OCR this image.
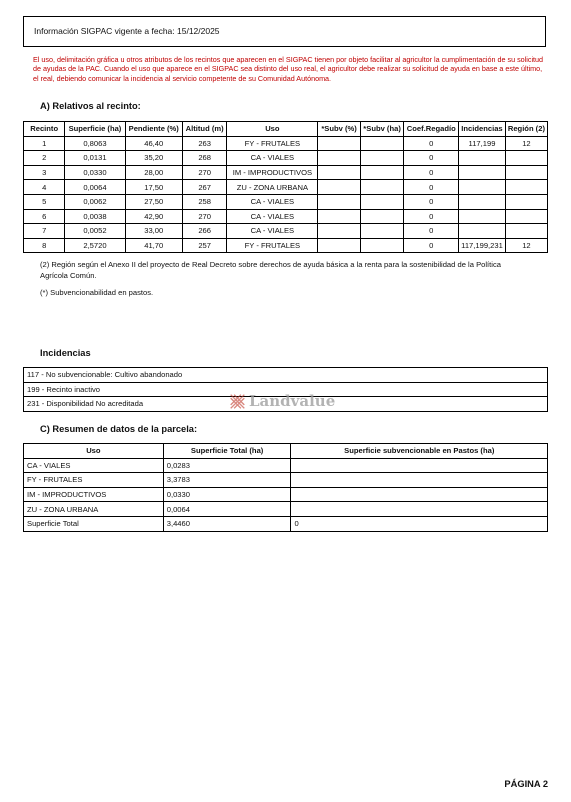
Información SIGPAC vigente a fecha: 15/12/2025
El uso, delimitación gráfica u otros atributos de los recintos que aparecen en el SIGPAC tienen por objeto facilitar al agricultor la cumplimentación de su solicitud de ayudas de la PAC. Cuando el uso que aparece en el SIGPAC sea distinto del uso real, el agricultor debe realizar su solicitud de ayuda en base a este último, el real, debiendo comunicar la incidencia al servicio competente de su Comunidad Autónoma.
A) Relativos al recinto:
Recinto	Superficie (ha)	Pendiente (%)	Altitud (m)	Uso	*Subv (%)	*Subv (ha)	Coef.Regadío	Incidencias	Región (2)
1	0,8063	46,40	263	FY - FRUTALES			0	117,199	12
2	0,0131	35,20	268	CA - VIALES			0		
3	0,0330	28,00	270	IM - IMPRODUCTIVOS			0		
4	0,0064	17,50	267	ZU - ZONA URBANA			0		
5	0,0062	27,50	258	CA - VIALES			0		
6	0,0038	42,90	270	CA - VIALES			0		
7	0,0052	33,00	266	CA - VIALES			0		
8	2,5720	41,70	257	FY - FRUTALES			0	117,199,231	12
(2) Región según el Anexo II del proyecto de Real Decreto sobre derechos de ayuda básica a la renta para la sostenibilidad de la Política Agrícola Común.
(*) Subvencionabilidad en pastos.
Incidencias
117 - No subvencionable: Cultivo abandonado
199 - Recinto inactivo
231 - Disponibilidad No acreditada	Landvalue
C) Resumen de datos de la parcela:
Uso	Superficie Total (ha)	Superficie subvencionable en Pastos (ha)
CA - VIALES	0,0283	
FY - FRUTALES	3,3783	
IM - IMPRODUCTIVOS	0,0330	
ZU - ZONA URBANA	0,0064	
Superficie Total	3,4460	0
PÁGINA 2
